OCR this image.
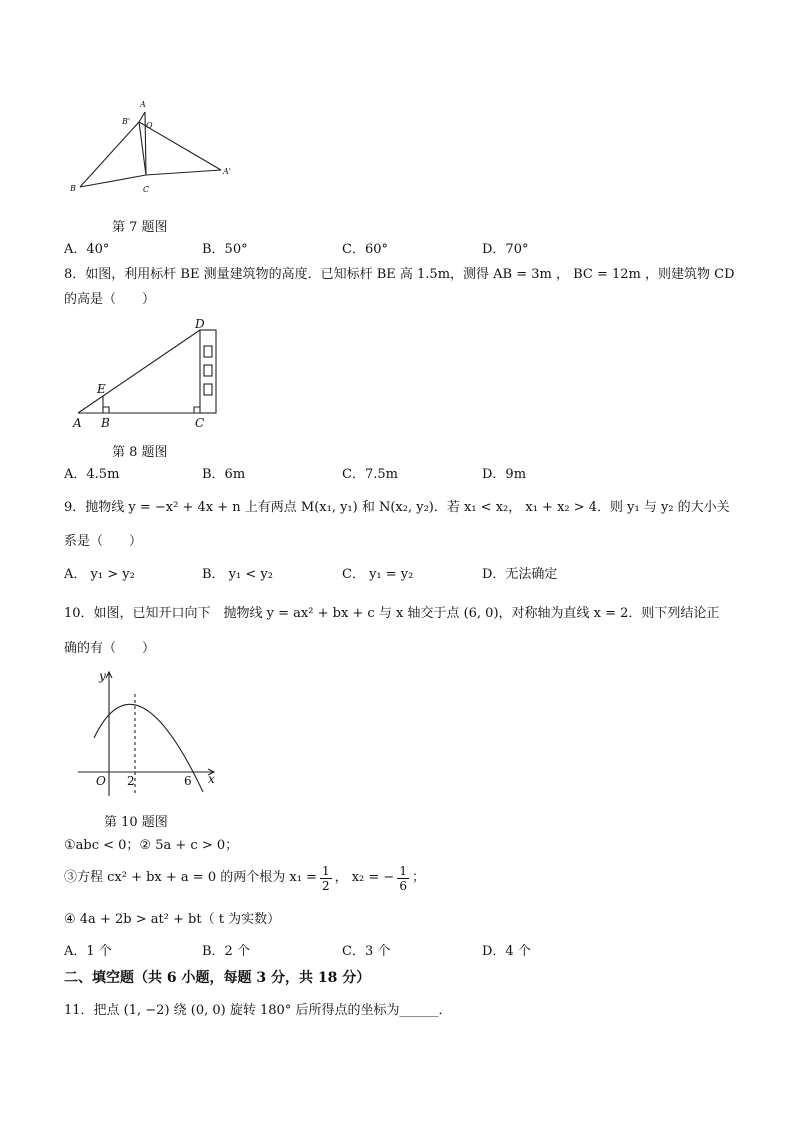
A
B' O
B	C
A'
第 7 题图
A．40°	B．50°	C．60°	D．70°
8．如图，利用标杆 BE 测量建筑物的高度．已知标杆 BE 高 1.5m，测得 AB = 3m ， BC = 12m ，则建筑物 CD
的高是（　　）
D
E
A B	C
第 8 题图
A．4.5m	B．6m	C．7.5m	D．9m
9．抛物线 y = −x² + 4x + n 上有两点 M(x₁, y₁) 和 N(x₂, y₂)．若 x₁ < x₂， x₁ + x₂ > 4．则 y₁ 与 y₂ 的大小关
系是（　　）
A． y₁ > y₂	B． y₁ < y₂	C． y₁ = y₂	D．无法确定
10．如图，已知开口向下　抛物线 y = ax² + bx + c 与 x 轴交于点 (6, 0)，对称轴为直线 x = 2．则下列结论正
确的有（　　）
y
x
O 2	6
第 10 题图
①abc < 0；② 5a + c > 0；
③方程 cx² + bx + a = 0 的两个根为 $x_1 = \frac{1}{2}$ ， x₂ = − $\frac{1}{6}$ ；
④ 4a + 2b > at² + bt（ t 为实数）
A．1 个	B．2 个	C．3 个	D．4 个
二、填空题（共 6 小题，每题 3 分，共 18 分）
11．把点 (1, −2) 绕 (0, 0) 旋转 180° 后所得点的坐标为______．
